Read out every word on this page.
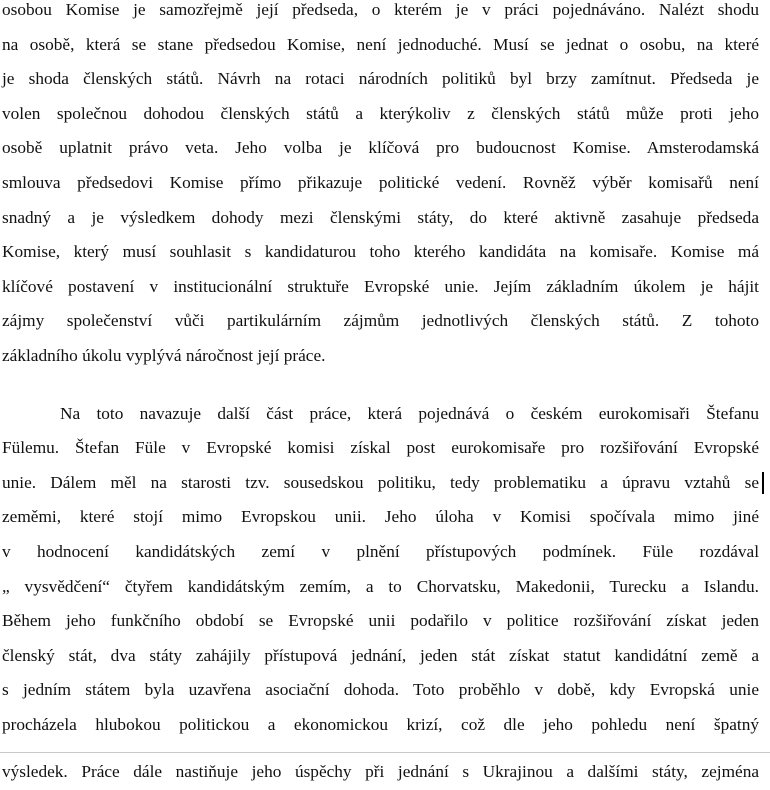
osobou Komise je samozřejmě její předseda, o kterém je v práci pojednáváno. Nalézt shodu
na osobě, která se stane předsedou Komise, není jednoduché. Musí se jednat o osobu, na které
je shoda členských států. Návrh na rotaci národních politiků byl brzy zamítnut. Předseda je
volen společnou dohodou členských států a kterýkoliv z členských států může proti jeho
osobě uplatnit právo veta. Jeho volba je klíčová pro budoucnost Komise. Amsterodamská
smlouva předsedovi Komise přímo přikazuje politické vedení. Rovněž výběr komisařů není
snadný a je výsledkem dohody mezi členskými státy, do které aktivně zasahuje předseda
Komise, který musí souhlasit s kandidaturou toho kterého kandidáta na komisaře. Komise má
klíčové postavení v institucionální struktuře Evropské unie. Jejím základním úkolem je hájit
zájmy společenství vůči partikulárním zájmům jednotlivých členských států. Z tohoto
základního úkolu vyplývá náročnost její práce.
Na toto navazuje další část práce, která pojednává o českém eurokomisaři Štefanu
Fülemu. Štefan Füle v Evropské komisi získal post eurokomisaře pro rozšiřování Evropské
unie. Dálem měl na starosti tzv. sousedskou politiku, tedy problematiku a úpravu vztahů se
zeměmi, které stojí mimo Evropskou unii. Jeho úloha v Komisi spočívala mimo jiné
v hodnocení kandidátských zemí v plnění přístupových podmínek. Füle rozdával
„ vysvědčení“ čtyřem kandidátským zemím, a to Chorvatsku, Makedonii, Turecku a Islandu.
Během jeho funkčního období se Evropské unii podařilo v politice rozšiřování získat jeden
členský stát, dva státy zahájily přístupová jednání, jeden stát získat statut kandidátní země a
s jedním státem byla uzavřena asociační dohoda. Toto proběhlo v době, kdy Evropská unie
procházela hlubokou politickou a ekonomickou krizí, což dle jeho pohledu není špatný
výsledek. Práce dále nastiňuje jeho úspěchy při jednání s Ukrajinou a dalšími státy, zejména
